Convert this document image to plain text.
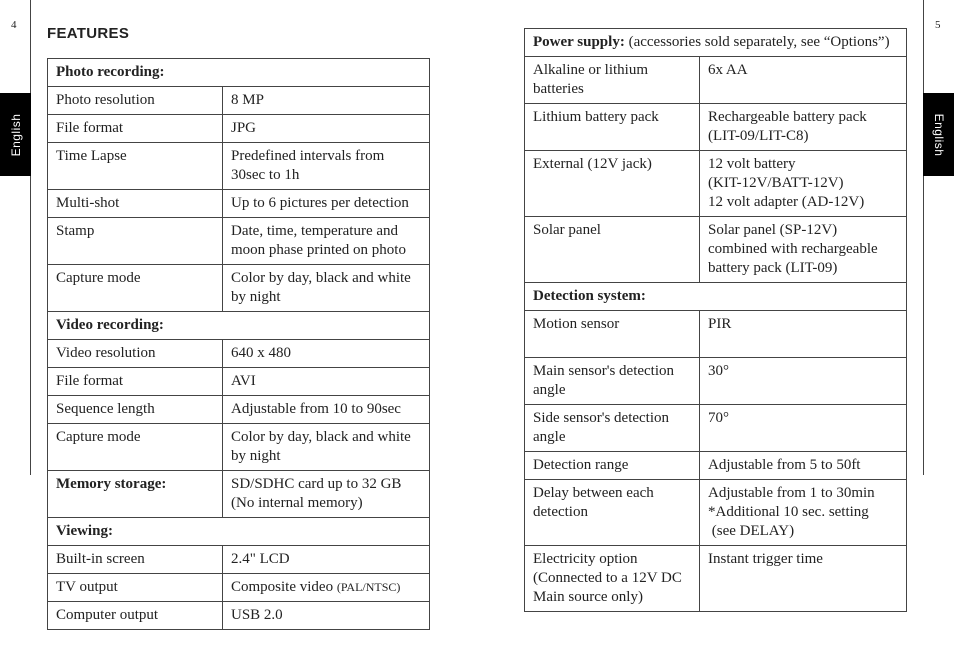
4	5
English	English
FEATURES
Photo recording:	
Photo resolution	8 MP
File format	JPG
Time Lapse	Predefined intervals from 30sec to 1h
Multi-shot	Up to 6 pictures per detection
Stamp	Date, time, temperature and moon phase printed on photo
Capture mode	Color by day, black and white by night
Video recording:	
Video resolution	640 x 480
File format	AVI
Sequence length	Adjustable from 10 to 90sec
Capture mode	Color by day, black and white by night
Memory storage:	SD/SDHC card up to 32 GB
(No internal memory)
Viewing:	
Built-in screen	2.4" LCD
TV output	Composite video (PAL/NTSC)
Computer output	USB 2.0
Power supply: (accessories sold separately, see “Options”)	
Alkaline or lithium batteries	6x AA
Lithium battery pack	Rechargeable battery pack (LIT-09/LIT-C8)
External (12V jack)	12 volt battery
(KIT-12V/BATT-12V)
12 volt adapter (AD-12V)
Solar panel	Solar panel (SP-12V) combined with rechargeable battery pack (LIT-09)
Detection system:	
Motion sensor	PIR
Main sensor's detection angle	30°
Side sensor's detection angle	70°
Detection range	Adjustable from 5 to 50ft
Delay between each detection	Adjustable from 1 to 30min
*Additional 10 sec. setting
(see DELAY)
Electricity option (Connected to a 12V DC Main source only)	Instant trigger time
